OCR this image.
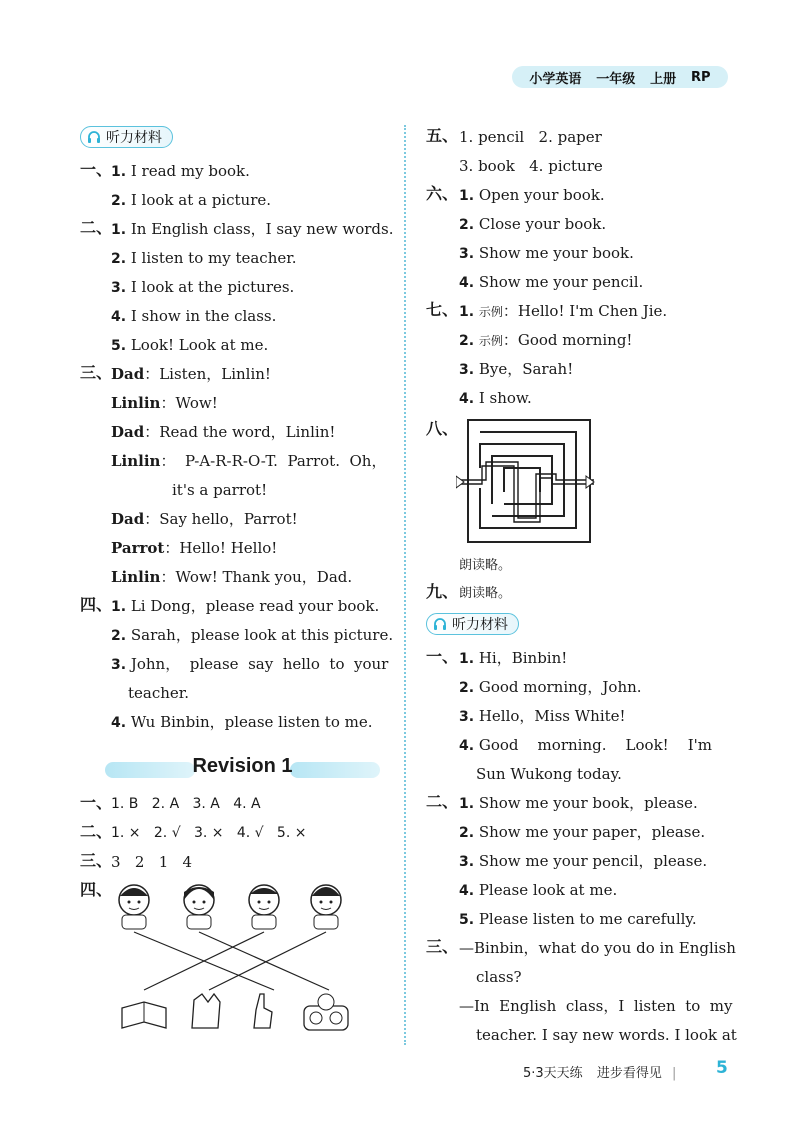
小学英语 一年级 上册 RP
听力材料
一、
1. I read my book.
2. I look at a picture.
二、
1. In English class，I say new words.
2. I listen to my teacher.
3. I look at the pictures.
4. I show in the class.
5. Look! Look at me.
三、
Dad：Listen，Linlin!
Linlin：Wow!
Dad：Read the word，Linlin!
Linlin：  P-A-R-R-O-T.  Parrot.  Oh，
it's a parrot!
Dad：Say hello，Parrot!
Parrot：Hello! Hello!
Linlin：Wow! Thank you，Dad.
四、
1. Li Dong，please read your book.
2. Sarah，please look at this picture.
3. John，  please  say  hello  to  your
teacher.
4. Wu Binbin，please listen to me.
Revision 1
一、
1. B   2. A   3. A   4. A
二、
1. ×   2. √   3. ×   4. √   5. ×
三、
3   2   1   4
四、
五、 1. pencil   2. paper
3. book   4. picture
六、 1. Open your book.
2. Close your book.
3. Show me your book.
4. Show me your pencil.
七、 1. 示例：Hello! I'm Chen Jie.
2. 示例：Good morning!
3. Bye，Sarah!
4. I show.
八、
朗读略。
九、 朗读略。
听力材料
一、 1. Hi，Binbin!
2. Good morning，John.
3. Hello，Miss White!
4. Good    morning.    Look!    I'm
Sun Wukong today.
二、 1. Show me your book，please.
2. Show me your paper，please.
3. Show me your pencil，please.
4. Please look at me.
5. Please listen to me carefully.
三、 —Binbin，what do you do in English
class?
—In  English  class，I  listen  to  my
teacher. I say new words. I look at
5·3天天练 进步看得见 | 5
